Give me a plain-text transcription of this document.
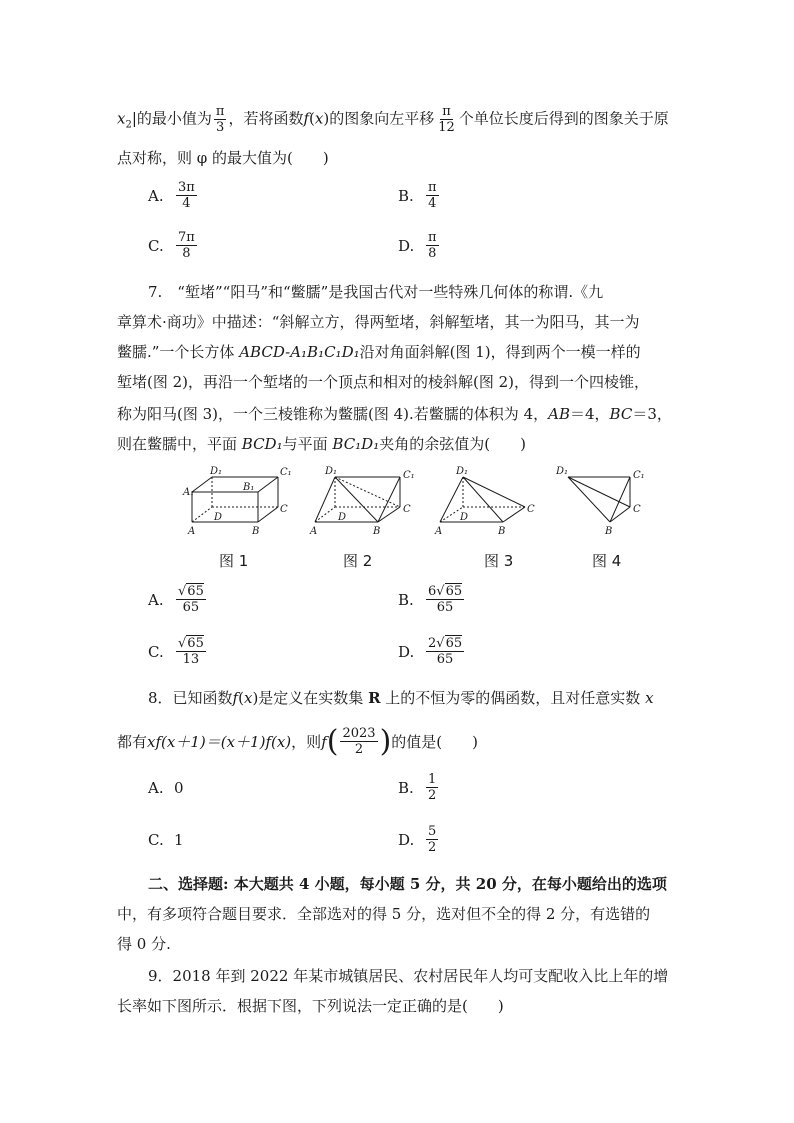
$x_2|$的最小值为 $\frac{\pi}{3}$ ，若将函数f(x)的图象向左平移 $\frac{\pi}{12}$ 个单位长度后得到的图象关于原
点对称，则 φ 的最大值为(　　)
A. $\frac{3\pi}{4}$	B. $\frac{\pi}{4}$
C. $\frac{7\pi}{8}$	D. $\frac{\pi}{8}$
7.　“堑堵”“阳马”和“鳖臑”是我国古代对一些特殊几何体的称谓.《九
章算术·商功》中描述：“斜解立方，得两堑堵，斜解堑堵，其一为阳马，其一为
鳖臑.”一个长方体 ABCD-A₁B₁C₁D₁沿对角面斜解(图 1)，得到两个一模一样的
堑堵(图 2)，再沿一个堑堵的一个顶点和相对的棱斜解(图 2)，得到一个四棱锥，
称为阳马(图 3)，一个三棱锥称为鳖臑(图 4).若鳖臑的体积为 4，AB＝4，BC＝3，
则在鳖臑中，平面 BCD₁与平面 BC₁D₁夹角的余弦值为(　　)
A₁
D₁	C₁
B₁
C
D
A	B
D₁	C₁
C
D
A	B
D₁
C
D
A	B
D₁	C₁
C
B
图 1	图 2	图 3	图 4
A. $\frac{√65}{65}$	B. $\frac{6√65}{65}$
C. $\frac{√65}{13}$	D. $\frac{2√65}{65}$
8．已知函数f(x)是定义在实数集 R 上的不恒为零的偶函数，且对任意实数 x
都有 xf(x＋1)＝(x＋1)f(x) ，则 f ( $\frac{2023}{2}$ ) 的值是(　　)
A. 0	B. $\frac{1}{2}$
C. 1	D. $\frac{5}{2}$
二、选择题: 本大题共 4 小题，每小题 5 分，共 20 分，在每小题给出的选项
中，有多项符合题目要求．全部选对的得 5 分，选对但不全的得 2 分，有选错的
得 0 分.
9．2018 年到 2022 年某市城镇居民、农村居民年人均可支配收入比上年的增
长率如下图所示．根据下图，下列说法一定正确的是(　　)
